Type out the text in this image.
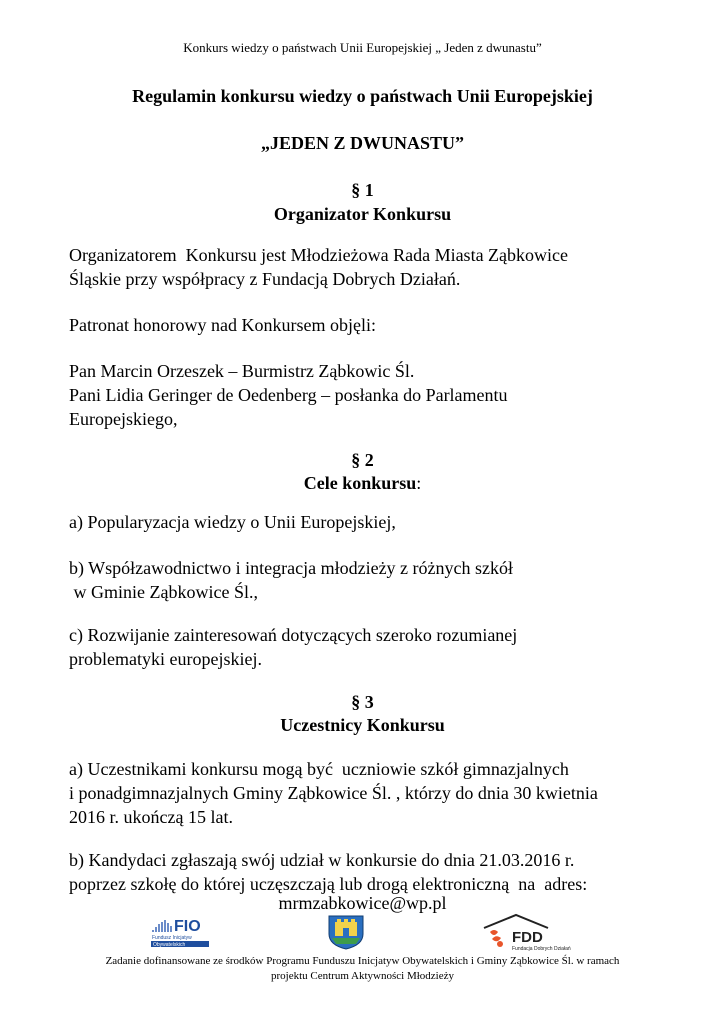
Konkurs wiedzy o państwach Unii Europejskiej „ Jeden z dwunastu”
Regulamin konkursu wiedzy o państwach Unii Europejskiej
„JEDEN Z DWUNASTU”
§ 1
Organizator Konkursu
Organizatorem  Konkursu jest Młodzieżowa Rada Miasta Ząbkowice
Śląskie przy współpracy z Fundacją Dobrych Działań.
Patronat honorowy nad Konkursem objęli:
Pan Marcin Orzeszek – Burmistrz Ząbkowic Śl.
Pani Lidia Geringer de Oedenberg – posłanka do Parlamentu
Europejskiego,
§ 2
Cele konkursu:
a) Popularyzacja wiedzy o Unii Europejskiej,
b) Współzawodnictwo i integracja młodzieży z różnych szkół
w Gminie Ząbkowice Śl.,
c) Rozwijanie zainteresowań dotyczących szeroko rozumianej
problematyki europejskiej.
§ 3
Uczestnicy Konkursu
a) Uczestnikami konkursu mogą być  uczniowie szkół gimnazjalnych
i ponadgimnazjalnych Gminy Ząbkowice Śl. , którzy do dnia 30 kwietnia
2016 r. ukończą 15 lat.
b) Kandydaci zgłaszają swój udział w konkursie do dnia 21.03.2016 r.
poprzez szkołę do której uczęszczają lub drogą elektroniczną  na  adres:
mrmzabkowice@wp.pl
FIO
Fundusz Inicjatyw
Obywatelskich	FDD
Fundacja Dobrych Działań
Zadanie dofinansowane ze środków Programu Funduszu Inicjatyw Obywatelskich i Gminy Ząbkowice Śl. w ramach
projektu Centrum Aktywności Młodzieży
